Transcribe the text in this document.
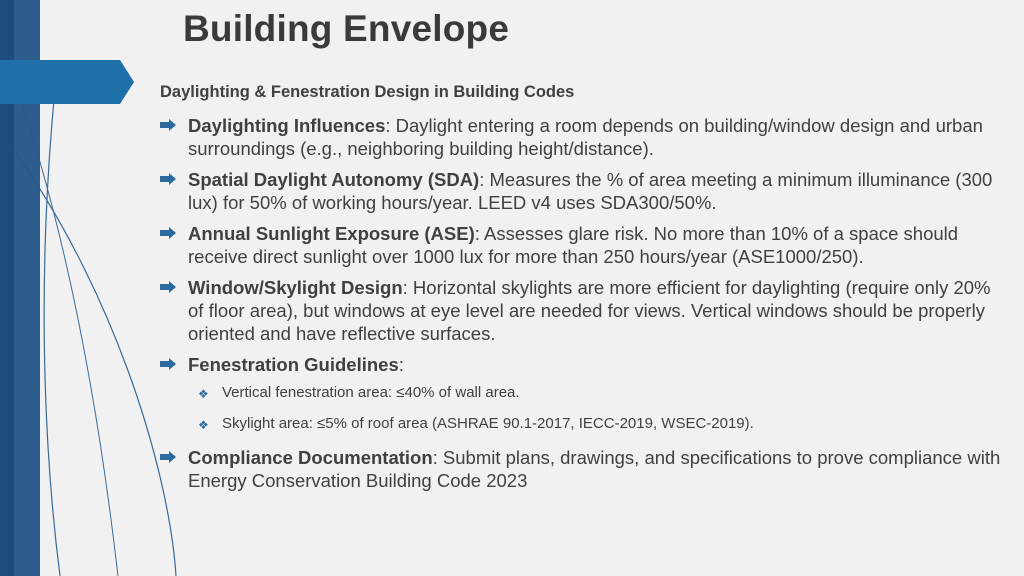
Building Envelope
Daylighting & Fenestration Design in Building Codes
Daylighting Influences: Daylight entering a room depends on building/window design and urban surroundings (e.g., neighboring building height/distance).
Spatial Daylight Autonomy (SDA): Measures the % of area meeting a minimum illuminance (300 lux) for 50% of working hours/year. LEED v4 uses SDA300/50%.
Annual Sunlight Exposure (ASE): Assesses glare risk. No more than 10% of a space should receive direct sunlight over 1000 lux for more than 250 hours/year (ASE1000/250).
Window/Skylight Design: Horizontal skylights are more efficient for daylighting (require only 20% of floor area), but windows at eye level are needed for views. Vertical windows should be properly oriented and have reflective surfaces.
Fenestration Guidelines:
❖ Vertical fenestration area: ≤40% of wall area.
❖ Skylight area: ≤5% of roof area (ASHRAE 90.1-2017, IECC-2019, WSEC-2019).
Compliance Documentation: Submit plans, drawings, and specifications to prove compliance with Energy Conservation Building Code 2023
